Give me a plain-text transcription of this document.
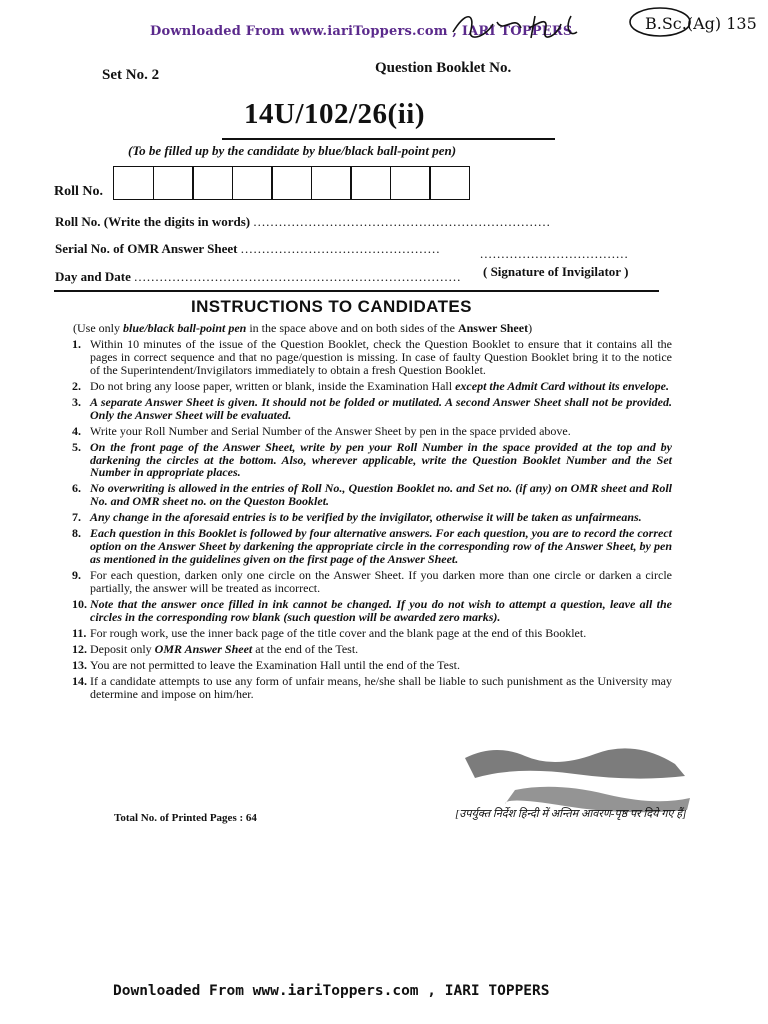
Downloaded From www.iariToppers.com , IARI TOPPERS	B.Sc.(Ag) 135
Set No. 2	Question Booklet No.
14U/102/26(ii)
(To be filled up by the candidate by blue/black ball-point pen)
Roll No.
Roll No. (Write the digits in words) ......................................................................
Serial No. of OMR Answer Sheet ...............................................
Day and Date .............................................................................
...................................
( Signature of Invigilator )
INSTRUCTIONS TO CANDIDATES
(Use only blue/black ball-point pen in the space above and on both sides of the Answer Sheet)
1. Within 10 minutes of the issue of the Question Booklet, check the Question Booklet to ensure that it contains all the pages in correct sequence and that no page/question is missing. In case of faulty Question Booklet bring it to the notice of the Superintendent/Invigilators immediately to obtain a fresh Question Booklet.
2. Do not bring any loose paper, written or blank, inside the Examination Hall except the Admit Card without its envelope.
3. A separate Answer Sheet is given. It should not be folded or mutilated. A second Answer Sheet shall not be provided. Only the Answer Sheet will be evaluated.
4. Write your Roll Number and Serial Number of the Answer Sheet by pen in the space prvided above.
5. On the front page of the Answer Sheet, write by pen your Roll Number in the space provided at the top and by darkening the circles at the bottom. Also, wherever applicable, write the Question Booklet Number and the Set Number in appropriate places.
6. No overwriting is allowed in the entries of Roll No., Question Booklet no. and Set no. (if any) on OMR sheet and Roll No. and OMR sheet no. on the Queston Booklet.
7. Any change in the aforesaid entries is to be verified by the invigilator, otherwise it will be taken as unfairmeans.
8. Each question in this Booklet is followed by four alternative answers. For each question, you are to record the correct option on the Answer Sheet by darkening the appropriate circle in the corresponding row of the Answer Sheet, by pen as mentioned in the guidelines given on the first page of the Answer Sheet.
9. For each question, darken only one circle on the Answer Sheet. If you darken more than one circle or darken a circle partially, the answer will be treated as incorrect.
10. Note that the answer once filled in ink cannot be changed. If you do not wish to attempt a question, leave all the circles in the corresponding row blank (such question will be awarded zero marks).
11. For rough work, use the inner back page of the title cover and the blank page at the end of this Booklet.
12. Deposit only OMR Answer Sheet at the end of the Test.
13. You are not permitted to leave the Examination Hall until the end of the Test.
14. If a candidate attempts to use any form of unfair means, he/she shall be liable to such punishment as the University may determine and impose on him/her.
Total No. of Printed Pages : 64	[उपर्युक्त निर्देश हिन्दी में अन्तिम आवरण-पृष्ठ पर दिये गए हैं]
Downloaded From www.iariToppers.com , IARI TOPPERS
